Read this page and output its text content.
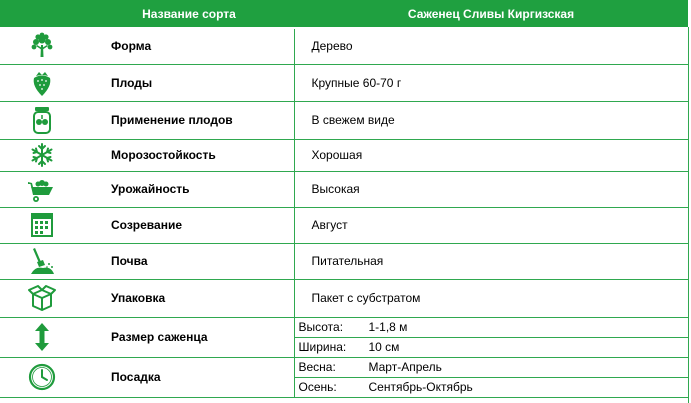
	Название сорта	Саженец Сливы Киргизская

	Форма	Дерево

	Плоды	Крупные 60-70 г

	Применение плодов	В свежем виде

	Морозостойкость	Хорошая

	Урожайность	Высокая

	Созревание	Август

	Почва	Питательная

	Упаковка	Пакет с субстратом

	Размер саженца	Высота: 1-1,8 м
Ширина: 10 см

	Посадка	Весна: Март-Апрель
Осень: Сентябрь-Октябрь
